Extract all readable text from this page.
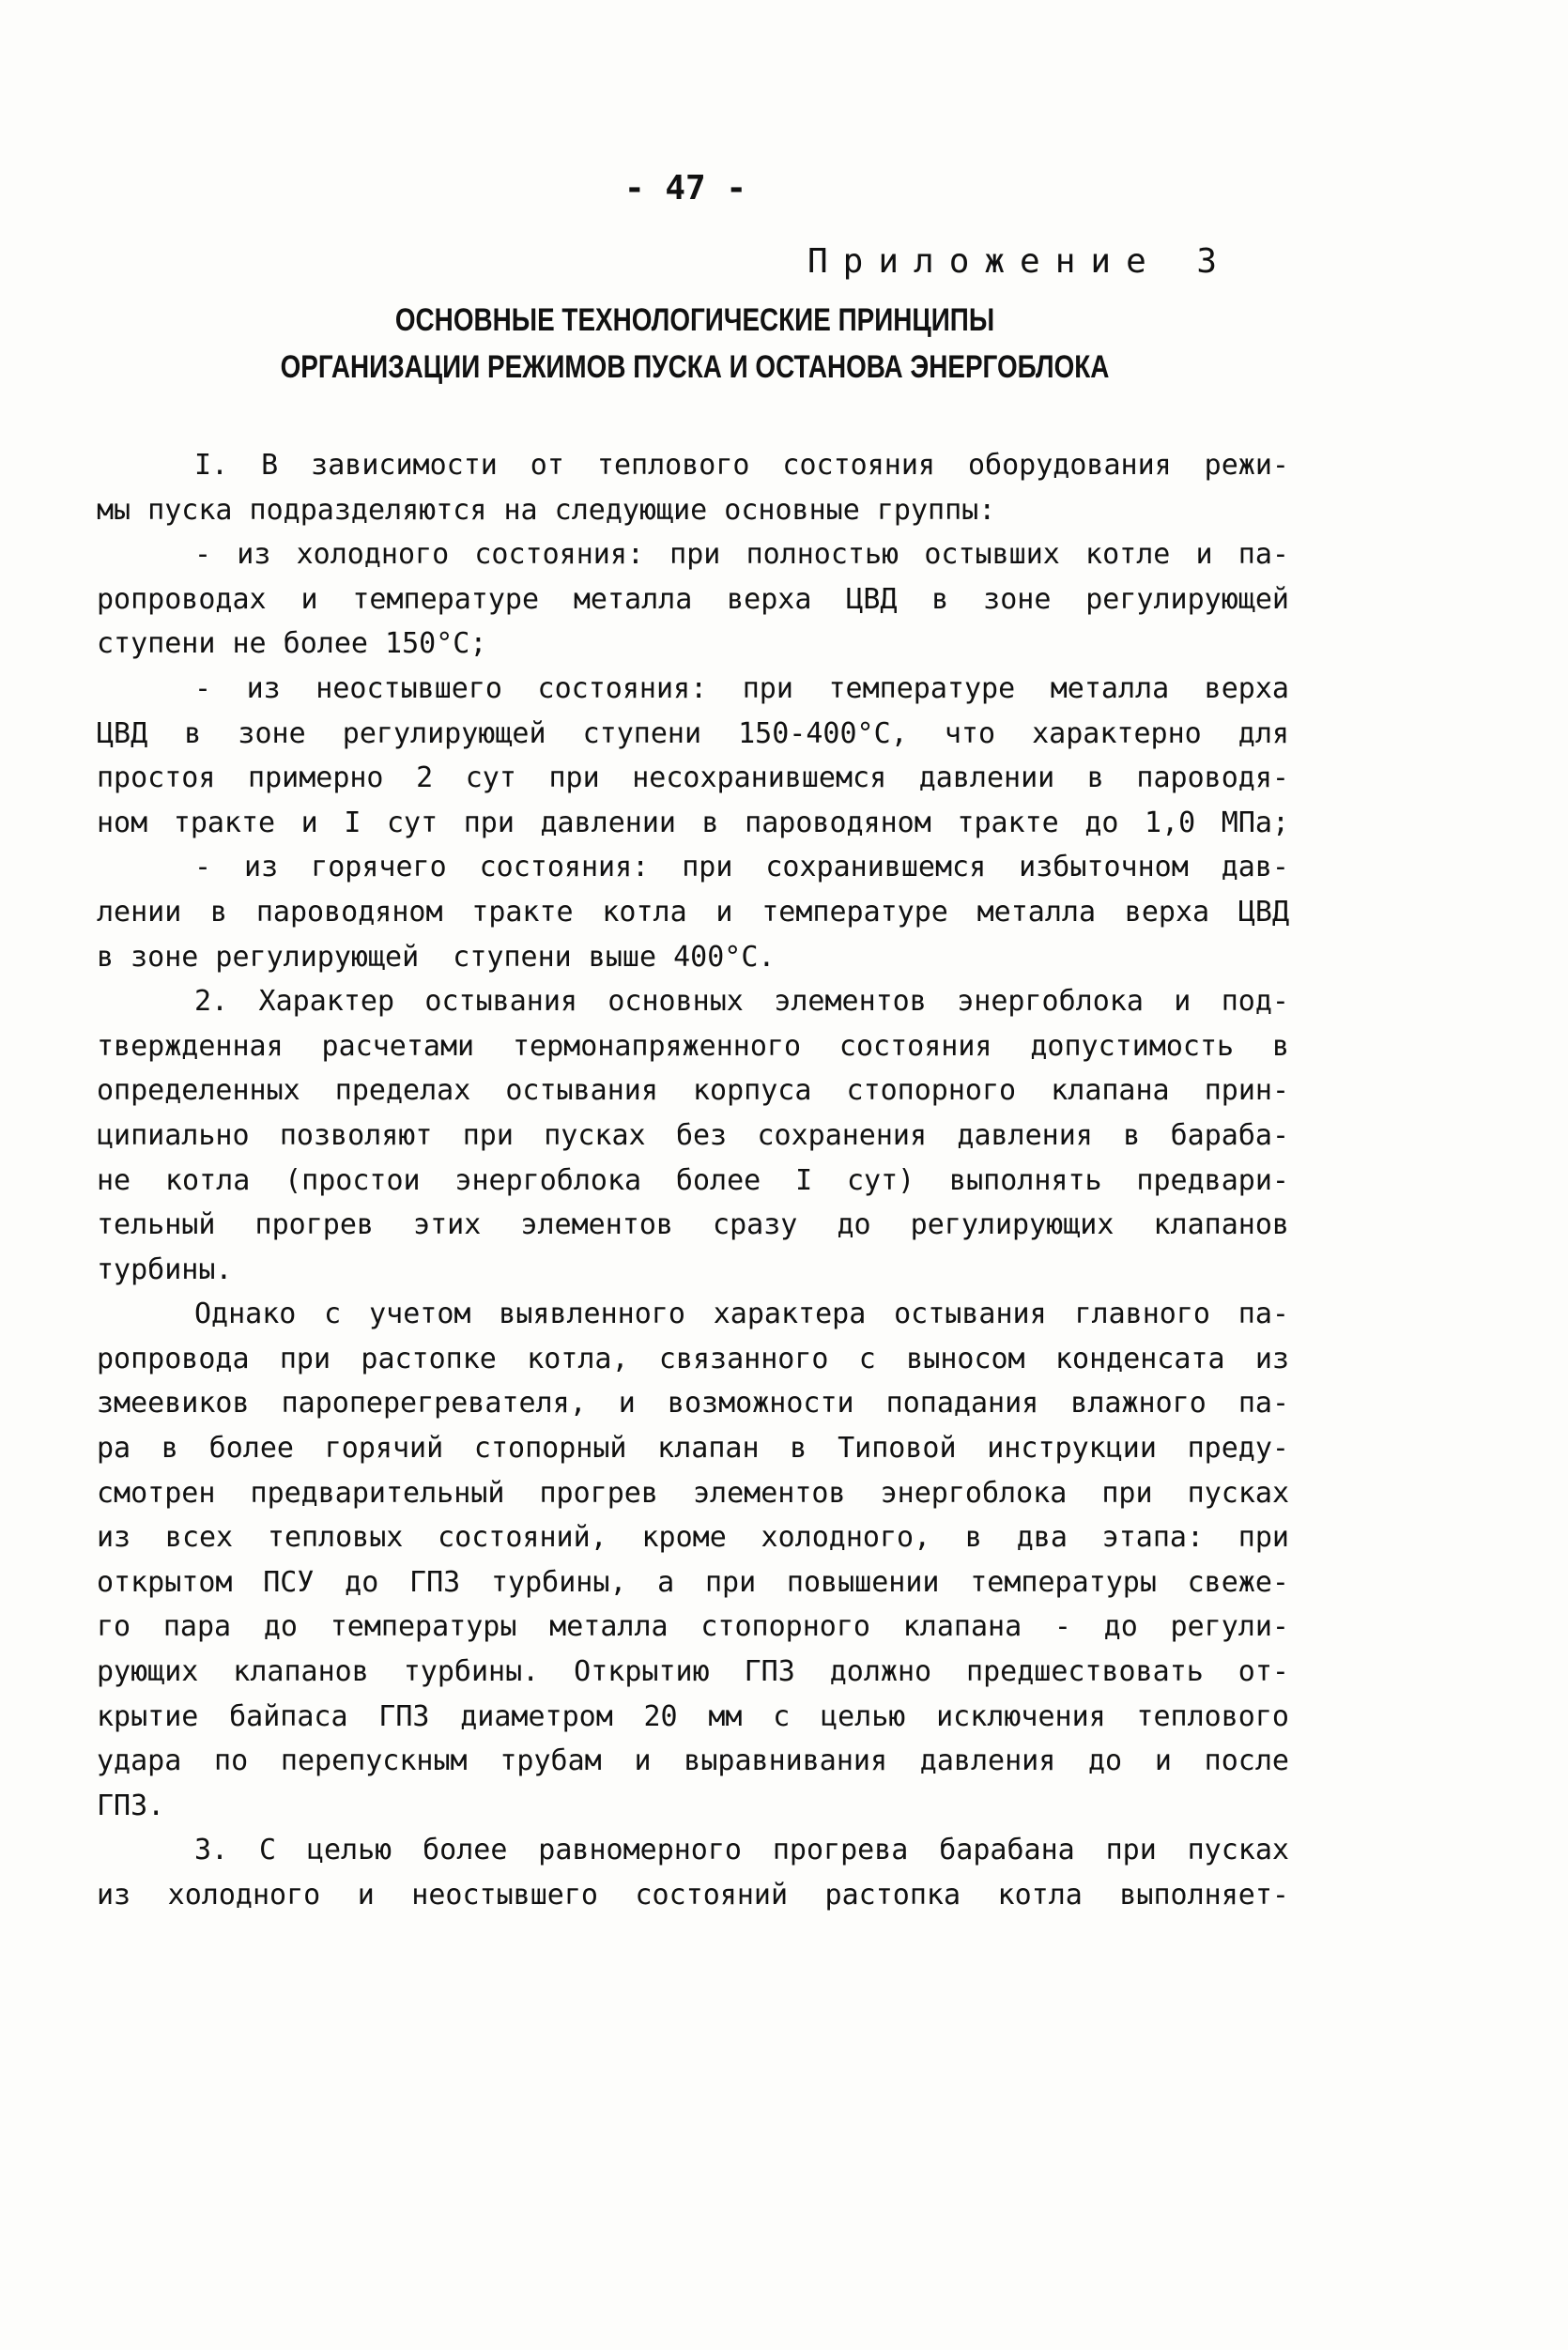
- 47 -
Приложение 3
ОСНОВНЫЕ ТЕХНОЛОГИЧЕСКИЕ ПРИНЦИПЫ
ОРГАНИЗАЦИИ РЕЖИМОВ ПУСКА И ОСТАНОВА ЭНЕРГОБЛОКА
I. В зависимости от теплового состояния оборудования режи-
мы пуска подразделяются на следующие основные группы:
- из холодного состояния: при полностью остывших котле и па-
ропроводах и температуре металла верха ЦВД в зоне регулирующей
ступени не более 150°С;
- из неостывшего состояния: при температуре металла верха
ЦВД в зоне регулирующей ступени 150-400°С, что характерно для
простоя примерно 2 сут при несохранившемся давлении в пароводя-
ном тракте и I сут при давлении в пароводяном тракте до 1,0 МПа;
- из горячего состояния: при сохранившемся избыточном дав-
лении в пароводяном тракте котла и температуре металла верха ЦВД
в зоне регулирующей  ступени выше 400°С.
2. Характер остывания основных элементов энергоблока и под-
твержденная расчетами термонапряженного состояния допустимость в
определенных пределах остывания корпуса стопорного клапана прин-
ципиально позволяют при пусках без сохранения давления в бараба-
не котла (простои энергоблока более I сут) выполнять предвари-
тельный прогрев этих элементов сразу до регулирующих клапанов
турбины.
Однако с учетом выявленного характера остывания главного па-
ропровода при растопке котла, связанного с выносом конденсата из
змеевиков пароперегревателя, и возможности попадания влажного па-
ра в более горячий стопорный клапан в Типовой инструкции преду-
смотрен предварительный прогрев элементов энергоблока при пусках
из всех тепловых состояний, кроме холодного, в два этапа: при
открытом ПСУ до ГПЗ турбины, а при повышении температуры свеже-
го пара до температуры металла стопорного клапана - до регули-
рующих клапанов турбины. Открытию ГПЗ должно предшествовать от-
крытие байпаса ГПЗ диаметром 20 мм с целью исключения теплового
удара по перепускным трубам и выравнивания давления до и после
ГПЗ.
3. С целью более равномерного прогрева барабана при пусках
из холодного и неостывшего состояний растопка котла выполняет-
